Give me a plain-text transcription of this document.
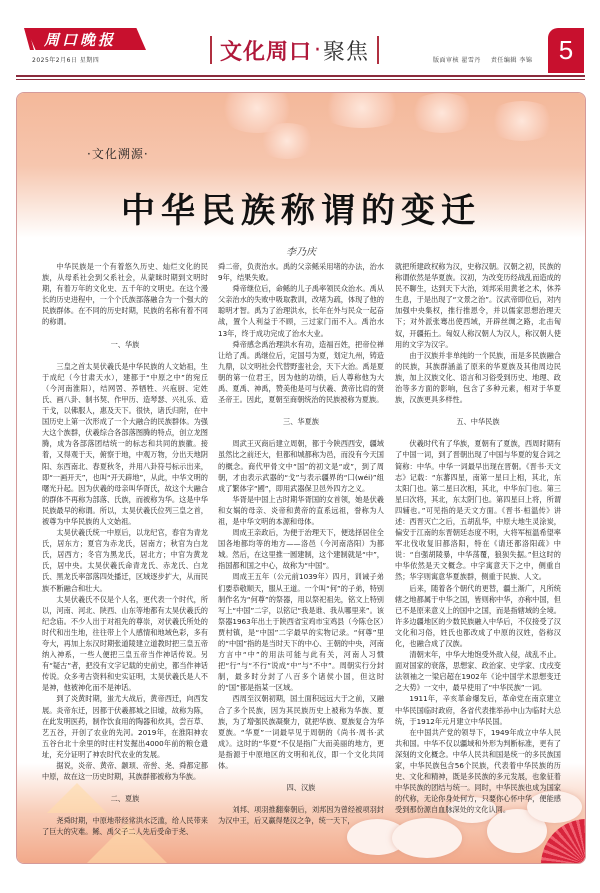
周口晚报
2025年2月6日 星期四	文化周口 · 聚焦	版面审核 翟雪丹 责任编辑 李锦	5
·文化溯源·
中华民族称谓的变迁
李乃庆

中华民族是一个有着悠久历史、灿烂文化的民族，从母系社会到父系社会，从蒙昧时期到文明时期，有着万年的文化史、五千年的文明史。在这个漫长的历史进程中，一个个氏族部落融合为一个强大的民族群体。在不同的历史时期，民族的名称有着不同的称谓。

一、华族

三皇之首太昊伏羲氏是中华民族的人文始祖，生于成纪（今甘肃天水），建都于“中原之中”的宛丘（今河南淮阳），结网罟、养牺牲、兴庖厨、定姓氏、画八卦、制书契、作甲历、造琴瑟、兴礼乐、造干戈，以佛服人，惠及天下。很快，诸氏归附，在中国历史上第一次形成了一个大融合的民族群体。为强大这个族群，伏羲综合各部落图腾的特点，创立龙图腾，成为各部落团结统一的标志和共同的族徽。接着，又得观于天，俯察于地，中观万物，分出天地阴阳、东西南北、春夏秋冬，并用八卦符号标示出来，即“一画开天”，也叫“开天辟地”，从此，中华文明的曙光升起。因为伏羲的母亲叫华胥氏，故这个大融合的群体不再称为部落、氏族，而被称为华。这是中华民族最早的称谓。所以，太昊伏羲氏位列三皇之首，被尊为中华民族的人文始祖。

太昊伏羲氏统一中原后，以龙纪官，春官为青龙氏，居东方；夏官为赤龙氏，居南方；秋官为白龙氏，居西方；冬官为黑龙氏，居北方；中官为黄龙氏，居中央。太昊伏羲氏命青龙氏、赤龙氏、白龙氏、黑龙氏率部落四处播迁，区域逐步扩大，从而民族不断融合和壮大。

太昊伏羲氏不仅是个人名，更代表一个时代，所以，河南、河北、陕西、山东等地都有太昊伏羲氏的纪念庙。不少人出于对祖先的尊崇，对伏羲氏所处的时代和出生地，往往带上个人感情和地域色彩，多有夸大，再加上东汉时期张道陵建立道教时把三皇五帝纳入神系，一些人便把三皇五帝当作神话传说。另有“疑古”者，把没有文字记载的史前史，都当作神话传说。众多考古资料和史实证明，太昊伏羲氏是人不是神，他被神化而不是神话。

到了炎黄时期，蚩尤大战后，黄帝西迁，向西发展。炎帝东迁，因都于伏羲都城之旧墟，故称为陈，在此发明医药，制作饮食用的陶器和炊具，尝百草、艺五谷，开创了农业的先河。2019年，在淮阳神农五谷台北十余里的时庄村发掘出4000年前的粮仓遗址，充分证明了神农时代农业的发展。

据说，炎帝、黄帝、颛顼、帝喾、尧、舜都定都中原，故在这一历史时期，其族群都被称为华族。

二、夏族

尧舜时期，中原地带经常洪水泛滥，给人民带来了巨大的灾难。鲧、禹父子二人先后受命于尧、

舜二帝，负责治水。禹的父亲鲧采用堵的办法，治水9年，结果失败。

舜帝继位后，命鲧的儿子禹率领民众治水。禹从父亲治水的失败中吸取教训，改堵为疏，体现了他的聪明才智。禹为了治理洪水，长年在外与民众一起奋战，置个人利益于不顾，三过家门而不入。禹治水13年，终于成功完成了治水大业。

舜帝感念禹治理洪水有功，造福百姓，把帝位禅让给了禹。禹继位后，定国号为夏，划定九州，铸造九鼎，以文明社会代替野蛮社会，天下大治。禹是夏朝的第一位君王，因为他的功绩，后人尊称他为大禹、夏禹、神禹，赞美他是可与伏羲、黄帝比肩的贤圣帝王。因此，夏朝至商朝统治的民族被称为夏族。

三、华夏族

周武王灭商后建立周朝，都于今陕西西安，疆域虽然比之前还大，但都和城都称为邑，而没有今天国的概念。商代甲骨文中“国”的初文是“或”，到了周朝，才由表示武器的“戈”与表示疆界的“囗(wéi)”组成了繁体字“國”，即用武器保卫邑外四方之义。

华胥是中国上古时期华胥国的女首领，她是伏羲和女娲的母亲、炎帝和黄帝的直系远祖，誉称为人祖，是中华文明的本源和母体。

周成王亲政后，为便于治理天下，便选择居住全国各地都均等的地方——洛邑（今河南洛阳）为都城。然后，在这里推一圆建制，这个建制就是“中”，指国都和国之中心，故称为“中国”。

周成王五年（公元前1039年）四月，训诫子弟们要恭敬顺天，服从王道。一个叫“何”的子弟，特别制作名为“何尊”的祭器，用以祭祀祖先，铭文上特别写上“中国”二字，以铭记“我是谁、我从哪里来”。该祭器1963年出土于陕西省宝鸡市宝鸡县（今陈仓区）贾村镇，是“中国”二字最早的实物记录。“何尊”里的“中国”指的是当时天下的中心、王朝的中央，河南方言中“中”的用法可能与此有关，河南人习惯把“行”与“不行”说成“中”与“不中”。周朝实行分封制，最多时分封了八百多个诸侯小国，但这时的“国”都是指某一区域。

西周至汉朝初期，国土面积远远大于之前，又融合了多个民族，因为其民族历史上被称为华族、夏族，为了增强民族凝聚力，就把华族、夏族复合为华夏族。“华夏”一词最早见于周朝的《尚书·周书·武成》。这时的“华夏”不仅是指广大而美丽的地方，更是指源于中原地区的文明和礼仪，即一个文化共同体。

四、汉族

刘邦、项羽推翻秦朝后，刘邦因为曾经被项羽封为汉中王，后又赢得楚汉之争，统一天下，

就把所建政权称为汉，史称汉朝。汉朝之初，民族的称谓依然是华夏族。汉初，为改变历经战乱而造成的民不聊生，达到天下大治，刘邦采用黄老之术，休养生息，于是出现了“文景之治”。汉武帝即位后，对内加强中央集权，推行推恩令，并以儒家思想治理天下；对外派张骞出使西域，开辟丝绸之路，北击匈奴，开疆拓土。匈奴人称汉朝人为汉人，称汉朝人使用的文字为汉字。

由于汉族并非单纯的一个民族，而是多民族融合的民族，其族群涵盖了原来的华夏族及其他周边民族，加上汉族文化、语言和习俗受到历史、地理、政治等多方面的影响，包含了多种元素，相对于华夏族，汉族更具多样性。

五、中华民族

伏羲时代有了华族，夏朝有了夏族，西周时期有了中国一词，到了晋朝出现了中国与华夏的复合词之简称：中华。中华一词最早出现在晋朝。《晋书·天文志》记载：“东蕃四星，南第一星曰上相，其北，东太阳门也。第二星曰次相，其北，中华东门也。第三星曰次将，其北，东太阴门也。第四星曰上将，所谓四辅也。”可见指的是天文方面。《晋书·桓温传》讲述：西晋灭亡之后，五胡乱华，中原大地生灵涂炭，偏安于江南的东晋朝廷态度不明，大将军桓温希望率军北伐收复旧都洛阳，特在《请还都洛阳疏》中说：“自强胡陵暴，中华荡覆，狼狈失据。”但这时的中华依然是天文概念。中字寓意天下之中，侧重自然；华字则寓意华夏族群，侧重于民族、人文。

后来，随着各个朝代的更替，疆土渐广，凡所统辖之地都属于中华之国，皆则称中华，亦称中国，但已不是原来意义上的国中之国，而是指辖域的全境。许多边疆地区的少数民族融入中华后，不仅接受了汉文化和习俗，姓氏也都改成了中原的汉姓，俗称汉化，也融合成了汉族。

清朝末年，中华大地饱受外敌入侵，战乱不止。面对国家的衰落，思想家、政治家、史学家、戊戌变法领袖之一梁启超在1902年《论中国学术思想变迁之大势》一文中，最早使用了“中华民族”一词。

1911年，辛亥革命爆发后，革命党在南京建立中华民国临时政府，各省代表推举孙中山为临时大总统，于1912年元月建立中华民国。

在中国共产党的领导下，1949年成立中华人民共和国。中华不仅以疆域和外形为判断标准，更有了深刻的文化概念。中华人民共和国是统一的多民族国家，中华民族包含56个民族，代表着中华民族的历史、文化和精神，既是多民族的多元发展，也象征着中华民族的团结与统一。同时，中华民族也成为国家的代称，无论你身处何方，只要你心怀中华，便能感受到那份源自血脉深处的文化认同。
